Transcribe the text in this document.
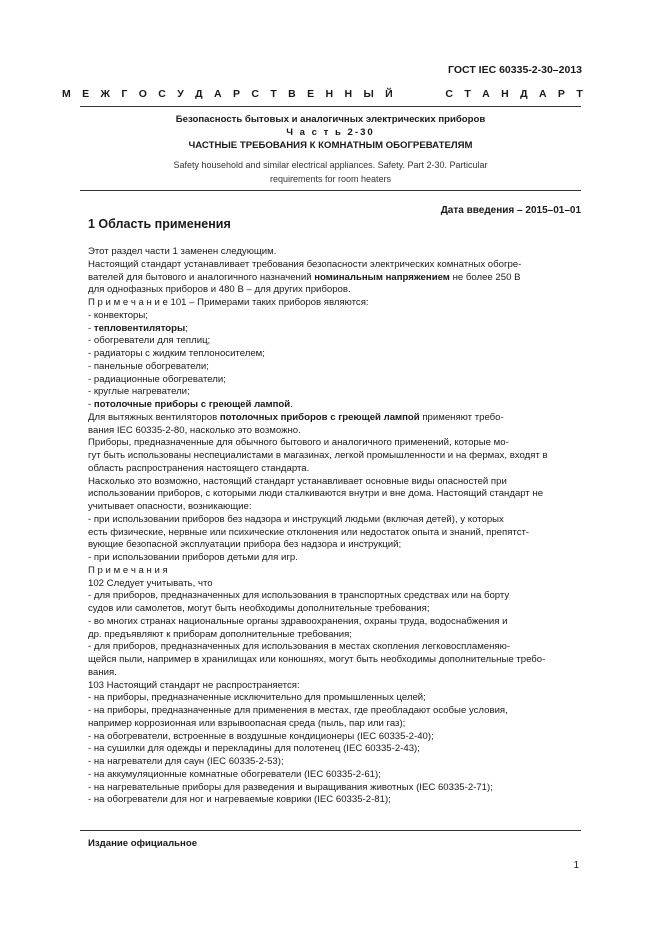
ГОСТ IEC 60335-2-30–2013
М Е Ж Г О С У Д А Р С Т В Е Н Н Ы Й	С Т А Н Д А Р Т
Безопасность бытовых и аналогичных электрических приборов
Ч а с т ь 2-30
ЧАСТНЫЕ ТРЕБОВАНИЯ К КОМНАТНЫМ ОБОГРЕВАТЕЛЯМ
Safety household and similar electrical appliances. Safety. Part 2-30. Particular
requirements for room heaters
Дата введения – 2015–01–01
1 Область применения

Этот раздел части 1 заменен следующим.

Настоящий стандарт устанавливает требования безопасности электрических комнатных обогре-

вателей для бытового и аналогичного назначений номинальным напряжением не более 250 В

для однофазных приборов и 480 В – для других приборов.

П р и м е ч а н и е 101 – Примерами таких приборов являются:

- конвекторы;

- тепловентиляторы;

- обогреватели для теплиц;

- радиаторы с жидким теплоносителем;

- панельные обогреватели;

- радиационные обогреватели;

- круглые нагреватели;

- потолочные приборы с греющей лампой.

Для вытяжных вентиляторов потолочных приборов с греющей лампой применяют требо-

вания IEC 60335-2-80, насколько это возможно.

Приборы, предназначенные для обычного бытового и аналогичного применений, которые мо-

гут быть использованы неспециалистами в магазинах, легкой промышленности и на фермах, входят в

область распространения настоящего стандарта.

Насколько это возможно, настоящий стандарт устанавливает основные виды опасностей при

использовании приборов, с которыми люди сталкиваются внутри и вне дома. Настоящий стандарт не

учитывает опасности, возникающие:

- при использовании приборов без надзора и инструкций людьми (включая детей), у которых

есть физические, нервные или психические отклонения или недостаток опыта и знаний, препятст-

вующие безопасной эксплуатации прибора без надзора и инструкций;

- при использовании приборов детьми для игр.

П р и м е ч а н и я

102 Следует учитывать, что

- для приборов, предназначенных для использования в транспортных средствах или на борту

судов или самолетов, могут быть необходимы дополнительные требования;

- во многих странах национальные органы здравоохранения, охраны труда, водоснабжения и

др. предъявляют к приборам дополнительные требования;

- для приборов, предназначенных для использования в местах скопления легковоспламеняю-

щейся пыли, например в хранилищах или конюшнях, могут быть необходимы дополнительные требо-

вания.

103 Настоящий стандарт не распространяется:

- на приборы, предназначенные исключительно для промышленных целей;

- на приборы, предназначенные для применения в местах, где преобладают особые условия,

например коррозионная или взрывоопасная среда (пыль, пар или газ);

- на обогреватели, встроенные в воздушные кондиционеры (IEC 60335-2-40);

- на сушилки для одежды и перекладины для полотенец (IEC 60335-2-43);

- на нагреватели для саун (IEC 60335-2-53);

- на аккумуляционные комнатные обогреватели (IEC 60335-2-61);

- на нагревательные приборы для разведения и выращивания животных (IEC 60335-2-71);

- на обогреватели для ног и нагреваемые коврики (IEC 60335-2-81);

Издание официальное
1
